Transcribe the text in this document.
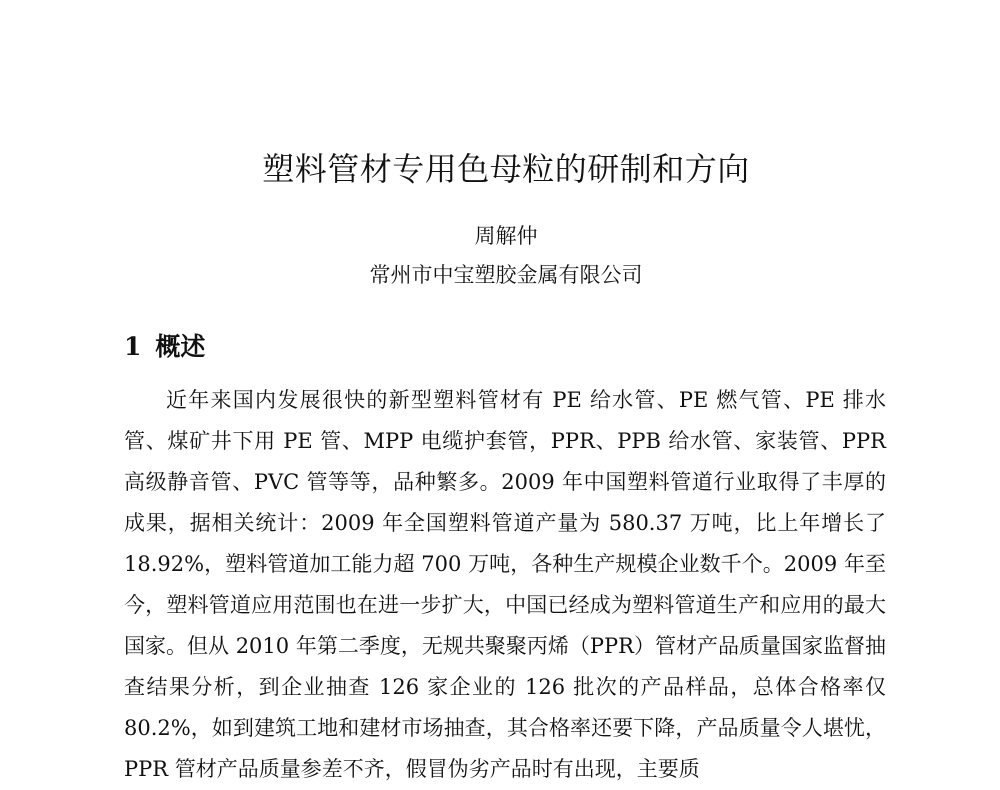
塑料管材专用色母粒的研制和方向
周解仲
常州市中宝塑胶金属有限公司
1 概述

近年来国内发展很快的新型塑料管材有 PE 给水管、PE 燃气管、PE 排水管、煤矿井下用 PE 管、MPP 电缆护套管，PPR、PPB 给水管、家装管、PPR 高级静音管、PVC 管等等，品种繁多。2009 年中国塑料管道行业取得了丰厚的成果，据相关统计：2009 年全国塑料管道产量为 580.37 万吨，比上年增长了 18.92%，塑料管道加工能力超 700 万吨，各种生产规模企业数千个。2009 年至今，塑料管道应用范围也在进一步扩大，中国已经成为塑料管道生产和应用的最大国家。但从 2010 年第二季度，无规共聚聚丙烯（PPR）管材产品质量国家监督抽查结果分析，到企业抽查 126 家企业的 126 批次的产品样品，总体合格率仅 80.2%，如到建筑工地和建材市场抽查，其合格率还要下降，产品质量令人堪忧，PPR 管材产品质量参差不齐，假冒伪劣产品时有出现，主要质
